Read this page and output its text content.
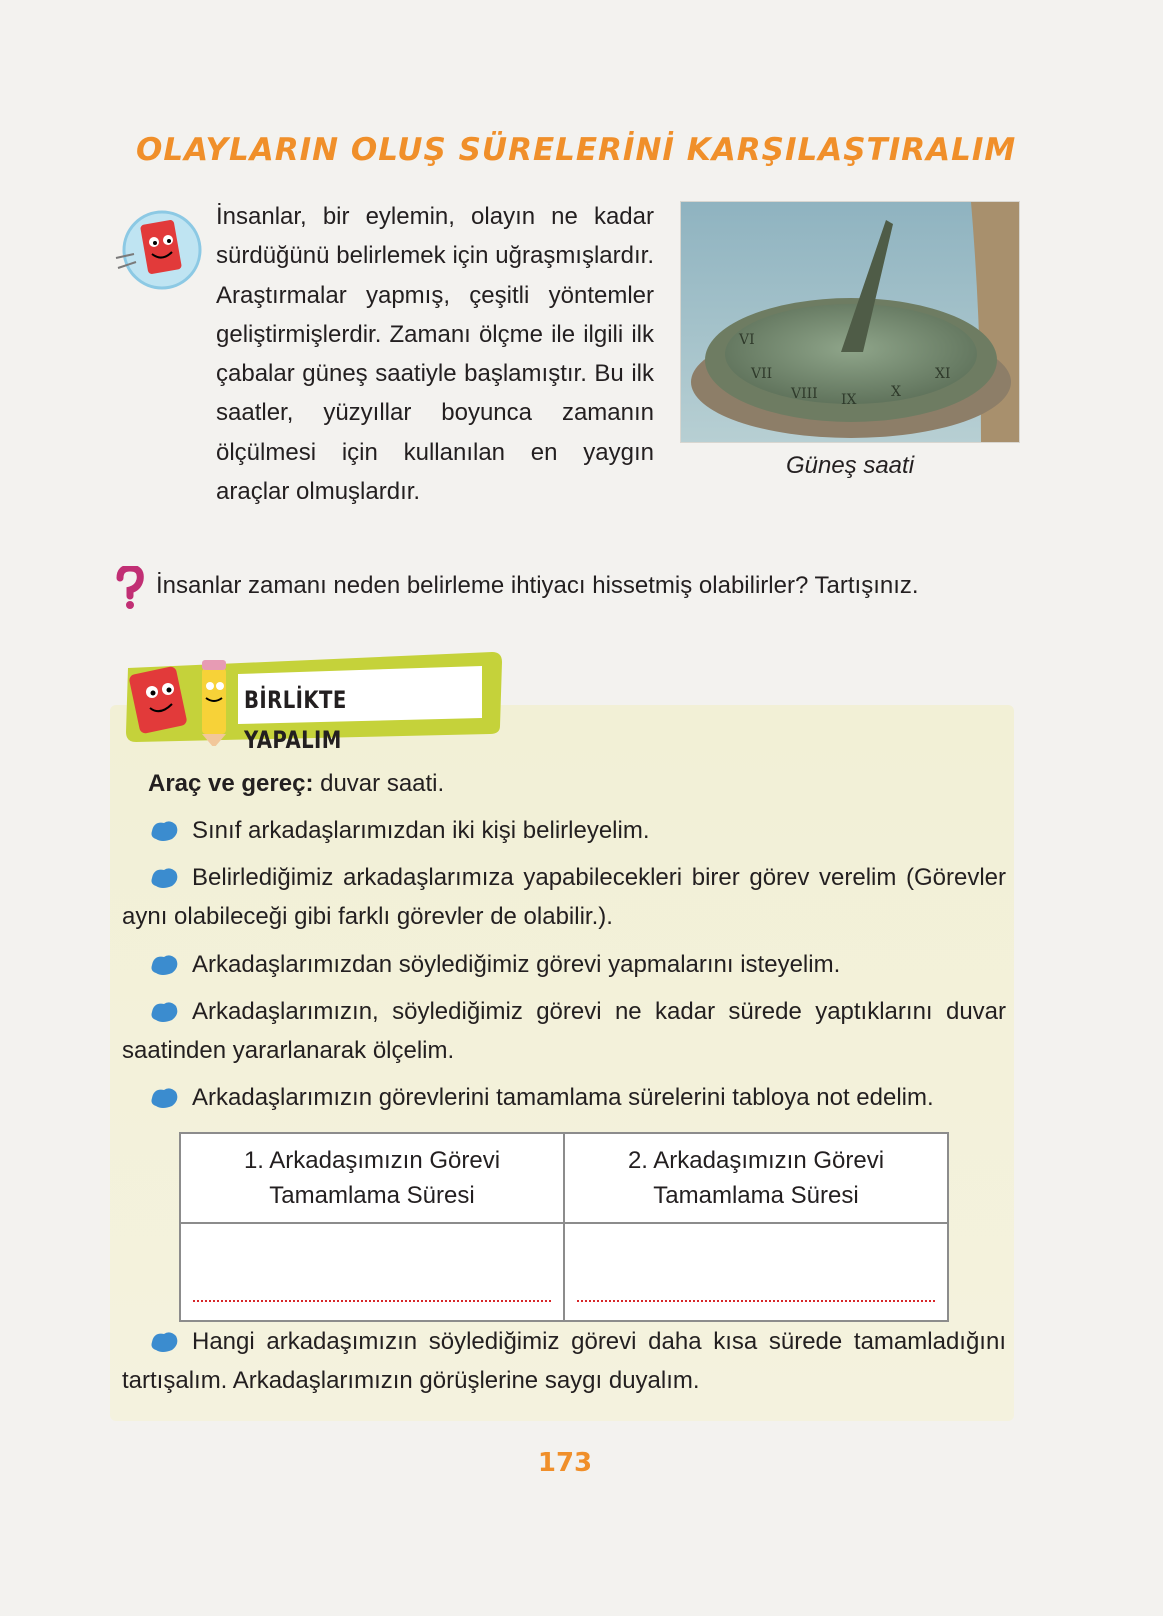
OLAYLARIN OLUŞ SÜRELERİNİ KARŞILAŞTIRALIM
İnsanlar, bir eylemin, olayın ne kadar sürdüğünü belirlemek için uğraşmışlardır. Araştırmalar yapmış, çeşitli yöntemler geliştirmişlerdir. Zamanı ölçme ile ilgili ilk çabalar güneş saatiyle başlamıştır. Bu ilk saatler, yüzyıllar boyunca zamanın ölçülmesi için kullanılan en yaygın araçlar olmuşlardır.
VII
VIII IX X
XI
VI
Güneş saati
İnsanlar zamanı neden belirleme ihtiyacı hissetmiş olabilirler? Tartışınız.
BİRLİKTE YAPALIM
Araç ve gereç: duvar saati.
Sınıf arkadaşlarımızdan iki kişi belirleyelim.
Belirlediğimiz arkadaşlarımıza yapabilecekleri birer görev verelim (Görevler aynı olabileceği gibi farklı görevler de olabilir.).
Arkadaşlarımızdan söylediğimiz görevi yapmalarını isteyelim.
Arkadaşlarımızın, söylediğimiz görevi ne kadar sürede yaptıklarını duvar saatinden yararlanarak ölçelim.
Arkadaşlarımızın görevlerini tamamlama sürelerini tabloya not edelim.
1. Arkadaşımızın Görevi Tamamlama Süresi	2. Arkadaşımızın Görevi Tamamlama Süresi

Hangi arkadaşımızın söylediğimiz görevi daha kısa sürede tamamladığını tartışalım. Arkadaşlarımızın görüşlerine saygı duyalım.
173
